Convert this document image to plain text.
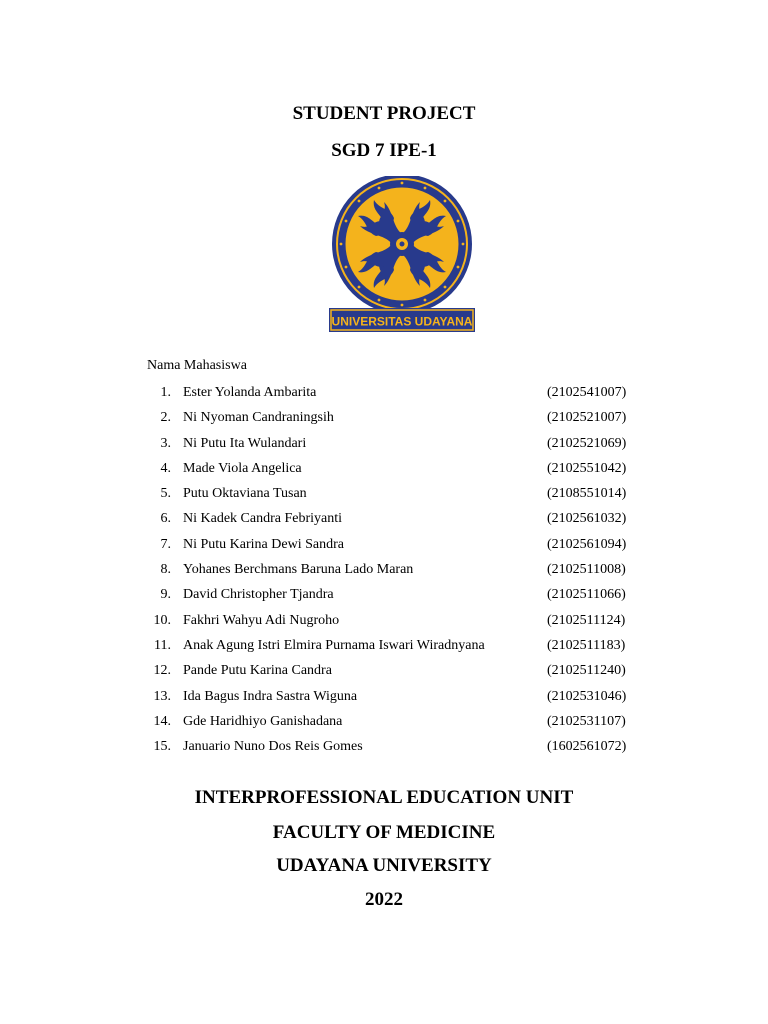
STUDENT PROJECT
SGD 7 IPE-1
UNIVERSITAS UDAYANA
Nama Mahasiswa
1. Ester Yolanda Ambarita	(2102541007)
2. Ni Nyoman Candraningsih	(2102521007)
3. Ni Putu Ita Wulandari	(2102521069)
4. Made Viola Angelica	(2102551042)
5. Putu Oktaviana Tusan	(2108551014)
6. Ni Kadek Candra Febriyanti	(2102561032)
7. Ni Putu Karina Dewi Sandra	(2102561094)
8. Yohanes Berchmans Baruna Lado Maran	(2102511008)
9. David Christopher Tjandra	(2102511066)
10. Fakhri Wahyu Adi Nugroho	(2102511124)
11. Anak Agung Istri Elmira Purnama Iswari Wiradnyana	(2102511183)
12. Pande Putu Karina Candra	(2102511240)
13. Ida Bagus Indra Sastra Wiguna	(2102531046)
14. Gde Haridhiyo Ganishadana	(2102531107)
15. Januario Nuno Dos Reis Gomes	(1602561072)
INTERPROFESSIONAL EDUCATION UNIT
FACULTY OF MEDICINE
UDAYANA UNIVERSITY
2022
